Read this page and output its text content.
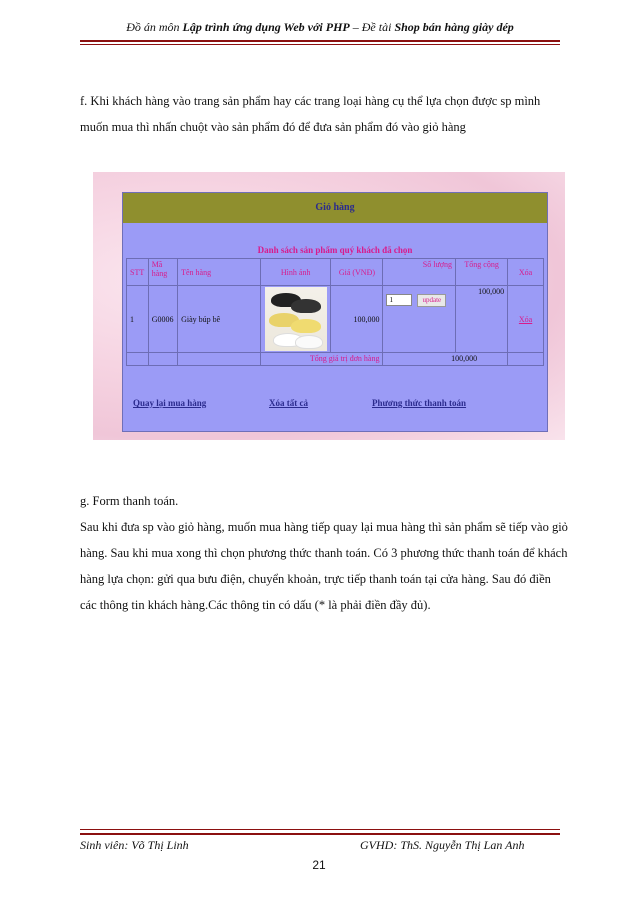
Đồ án môn Lập trình ứng dụng Web với PHP – Đề tài Shop bán hàng giày dép
f. Khi khách hàng vào trang sản phẩm hay các trang loại hàng cụ thể lựa chọn được sp mình muốn mua thì nhấn chuột vào sản phẩm đó để đưa sản phẩm đó vào giỏ hàng
Giỏ hàng
Danh sách sản phẩm quý khách đã chọn
STT	Mã hàng	Tên hàng	Hình ảnh	Giá (VNĐ)	Số lượng	Tổng cộng	Xóa
1	G0006	Giày búp bê		100,000	1 update	100,000	Xóa
			Tổng giá trị đơn hàng		100,000		
Quay lại mua hàng	Xóa tất cả	Phương thức thanh toán
g. Form thanh toán.
Sau khi đưa sp vào giỏ hàng, muốn mua hàng tiếp quay lại mua hàng thì sản phẩm sẽ tiếp vào giỏ hàng. Sau khi mua xong thì chọn phương thức thanh toán. Có 3 phương thức thanh toán để khách hàng lựa chọn: gửi qua bưu điện, chuyển khoản, trực tiếp thanh toán tại cửa hàng. Sau đó điền các thông tin khách hàng.Các thông tin có dấu (* là phải điền đầy đủ).
Sinh viên: Võ Thị Linh	GVHD: ThS. Nguyễn Thị Lan Anh
21
